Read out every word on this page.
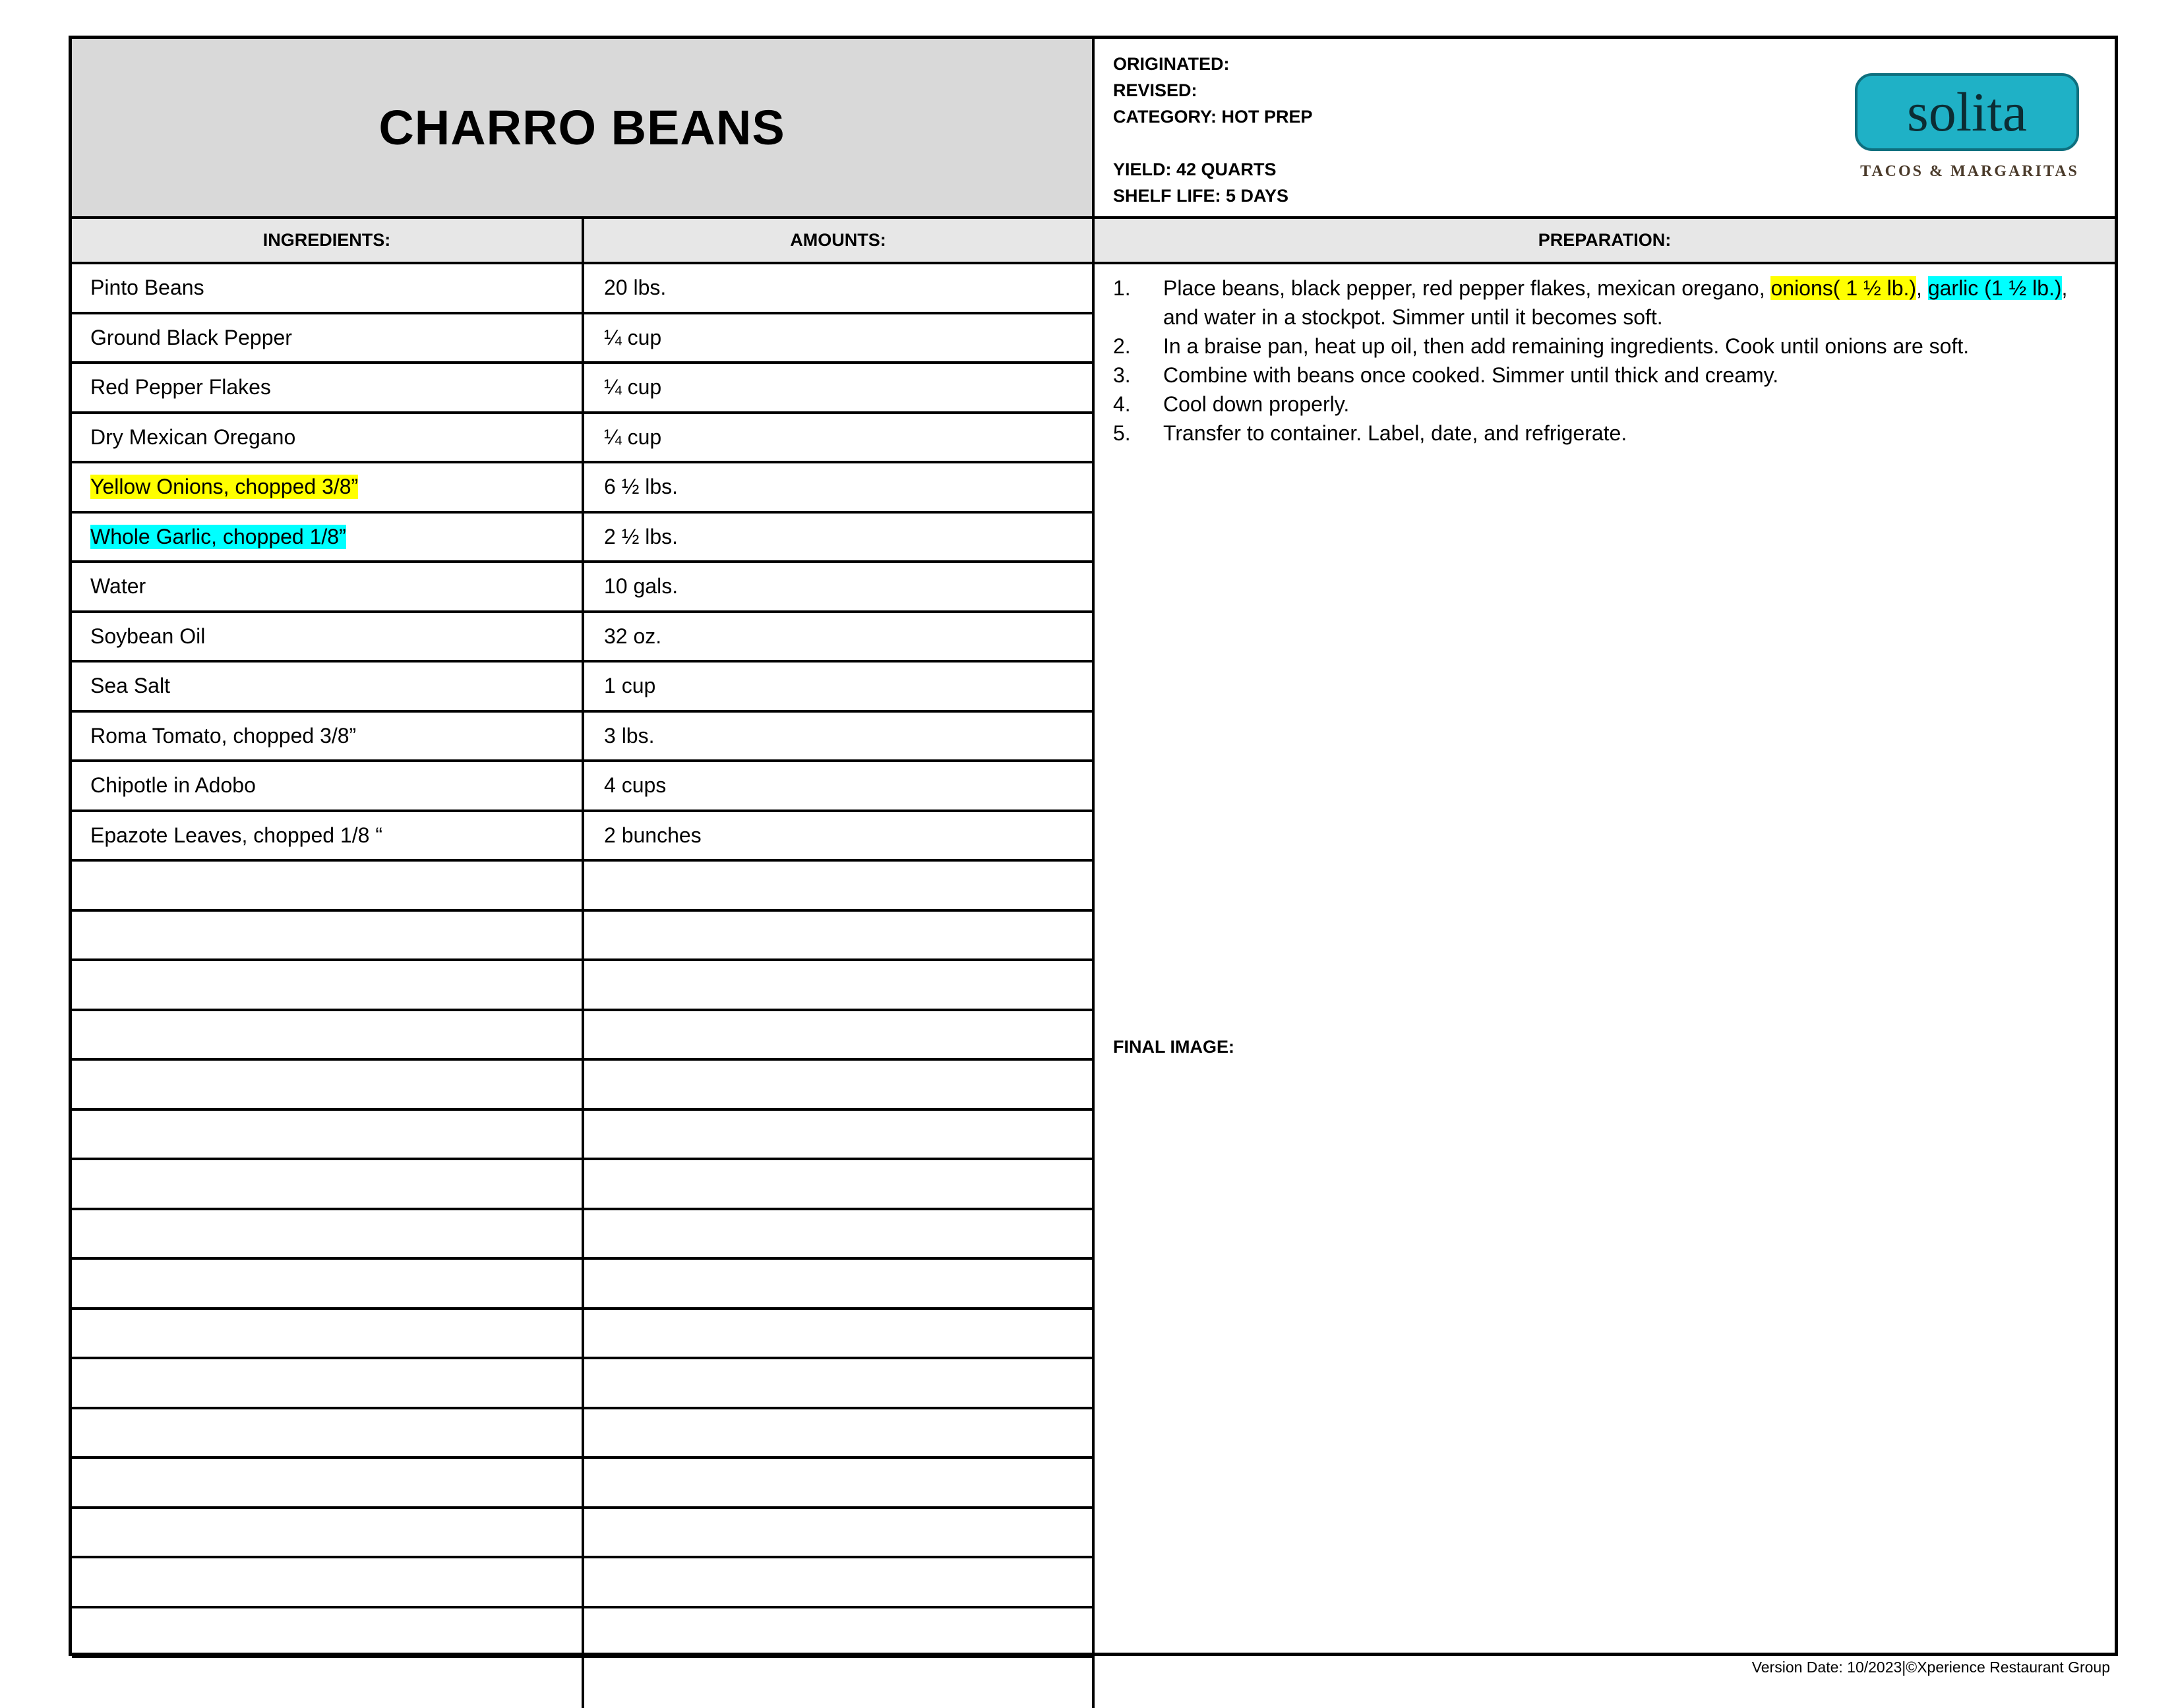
CHARRO BEANS
ORIGINATED:
REVISED:
CATEGORY: HOT PREP
YIELD: 42 QUARTS
SHELF LIFE: 5 DAYS
solita
TACOS & MARGARITAS
INGREDIENTS:	AMOUNTS:	PREPARATION:
Pinto Beans	20 lbs.
Ground Black Pepper	¼ cup
Red Pepper Flakes	¼ cup
Dry Mexican Oregano	¼ cup
Yellow Onions, chopped 3/8”	6 ½ lbs.
Whole Garlic, chopped 1/8”	2 ½ lbs.
Water	10 gals.
Soybean Oil	32 oz.
Sea Salt	1 cup
Roma Tomato, chopped 3/8”	3 lbs.
Chipotle in Adobo	4 cups
Epazote Leaves, chopped 1/8 “	2 bunches
1.	Place beans, black pepper, red pepper flakes, mexican oregano, onions( 1 ½ lb.), garlic (1 ½ lb.), and water in a stockpot. Simmer until it becomes soft.
2.	In a braise pan, heat up oil, then add remaining ingredients. Cook until onions are soft.
3.	Combine with beans once cooked. Simmer until thick and creamy.
4.	Cool down properly.
5.	Transfer to container. Label, date, and refrigerate.
FINAL IMAGE:
Version Date: 10/2023|©Xperience Restaurant Group
